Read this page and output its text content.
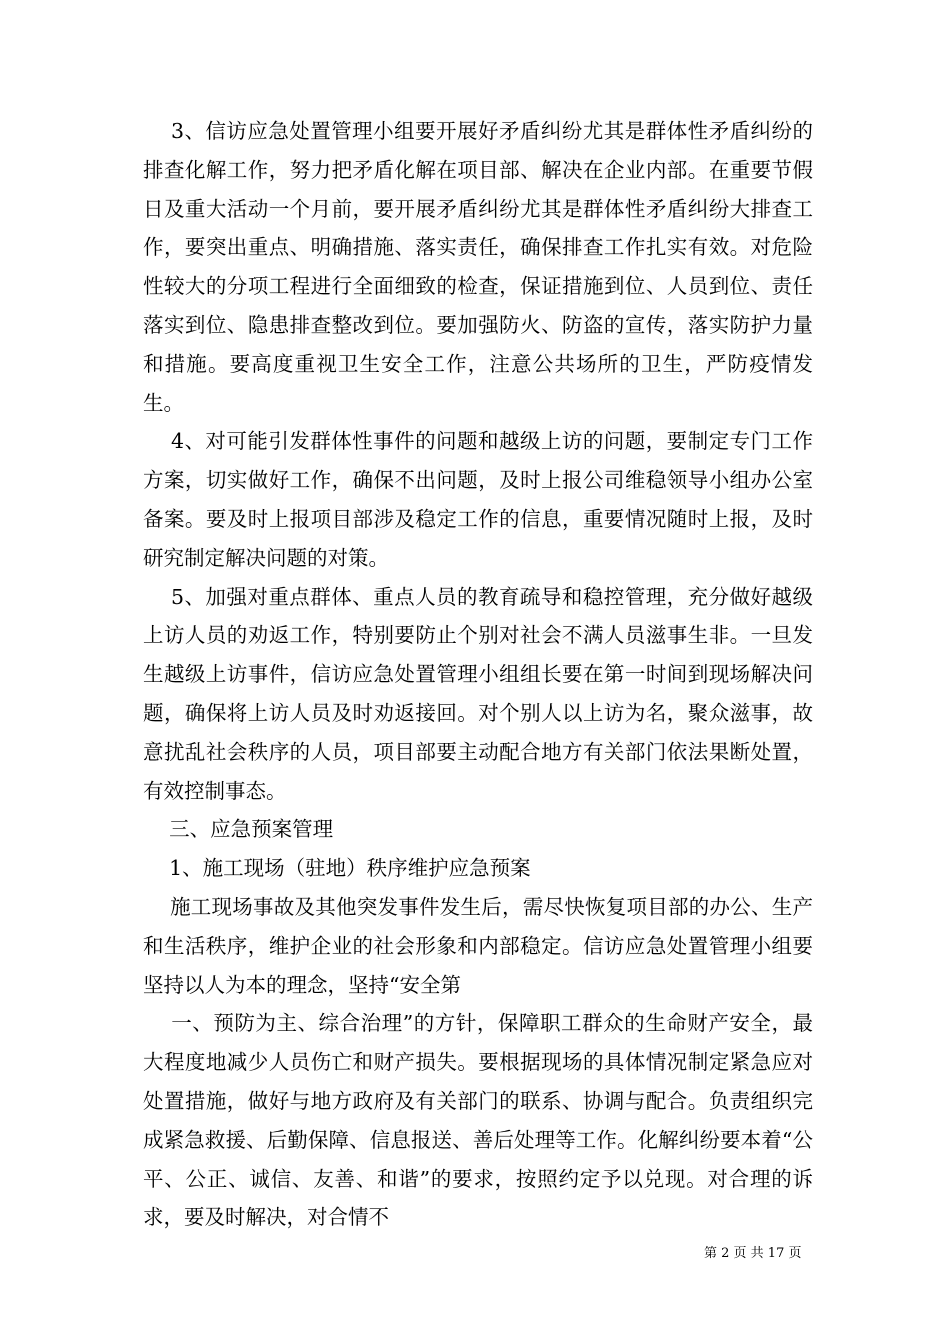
3、信访应急处置管理小组要开展好矛盾纠纷尤其是群体性矛盾纠纷的排查化解工作，努力把矛盾化解在项目部、解决在企业内部。在重要节假日及重大活动一个月前，要开展矛盾纠纷尤其是群体性矛盾纠纷大排查工作，要突出重点、明确措施、落实责任，确保排查工作扎实有效。对危险性较大的分项工程进行全面细致的检查，保证措施到位、人员到位、责任落实到位、隐患排查整改到位。要加强防火、防盗的宣传，落实防护力量和措施。要高度重视卫生安全工作，注意公共场所的卫生，严防疫情发生。

4、对可能引发群体性事件的问题和越级上访的问题，要制定专门工作方案，切实做好工作，确保不出问题，及时上报公司维稳领导小组办公室备案。要及时上报项目部涉及稳定工作的信息，重要情况随时上报，及时研究制定解决问题的对策。

5、加强对重点群体、重点人员的教育疏导和稳控管理，充分做好越级上访人员的劝返工作，特别要防止个别对社会不满人员滋事生非。一旦发生越级上访事件，信访应急处置管理小组组长要在第一时间到现场解决问题，确保将上访人员及时劝返接回。对个别人以上访为名，聚众滋事，故意扰乱社会秩序的人员，项目部要主动配合地方有关部门依法果断处置，有效控制事态。

三、应急预案管理

1、施工现场（驻地）秩序维护应急预案

施工现场事故及其他突发事件发生后，需尽快恢复项目部的办公、生产和生活秩序，维护企业的社会形象和内部稳定。信访应急处置管理小组要坚持以人为本的理念，坚持“安全第

一、预防为主、综合治理”的方针，保障职工群众的生命财产安全，最大程度地减少人员伤亡和财产损失。要根据现场的具体情况制定紧急应对处置措施，做好与地方政府及有关部门的联系、协调与配合。负责组织完成紧急救援、后勤保障、信息报送、善后处理等工作。化解纠纷要本着“公平、公正、诚信、友善、和谐”的要求，按照约定予以兑现。对合理的诉求，要及时解决，对合情不

第 2 页 共 17 页
